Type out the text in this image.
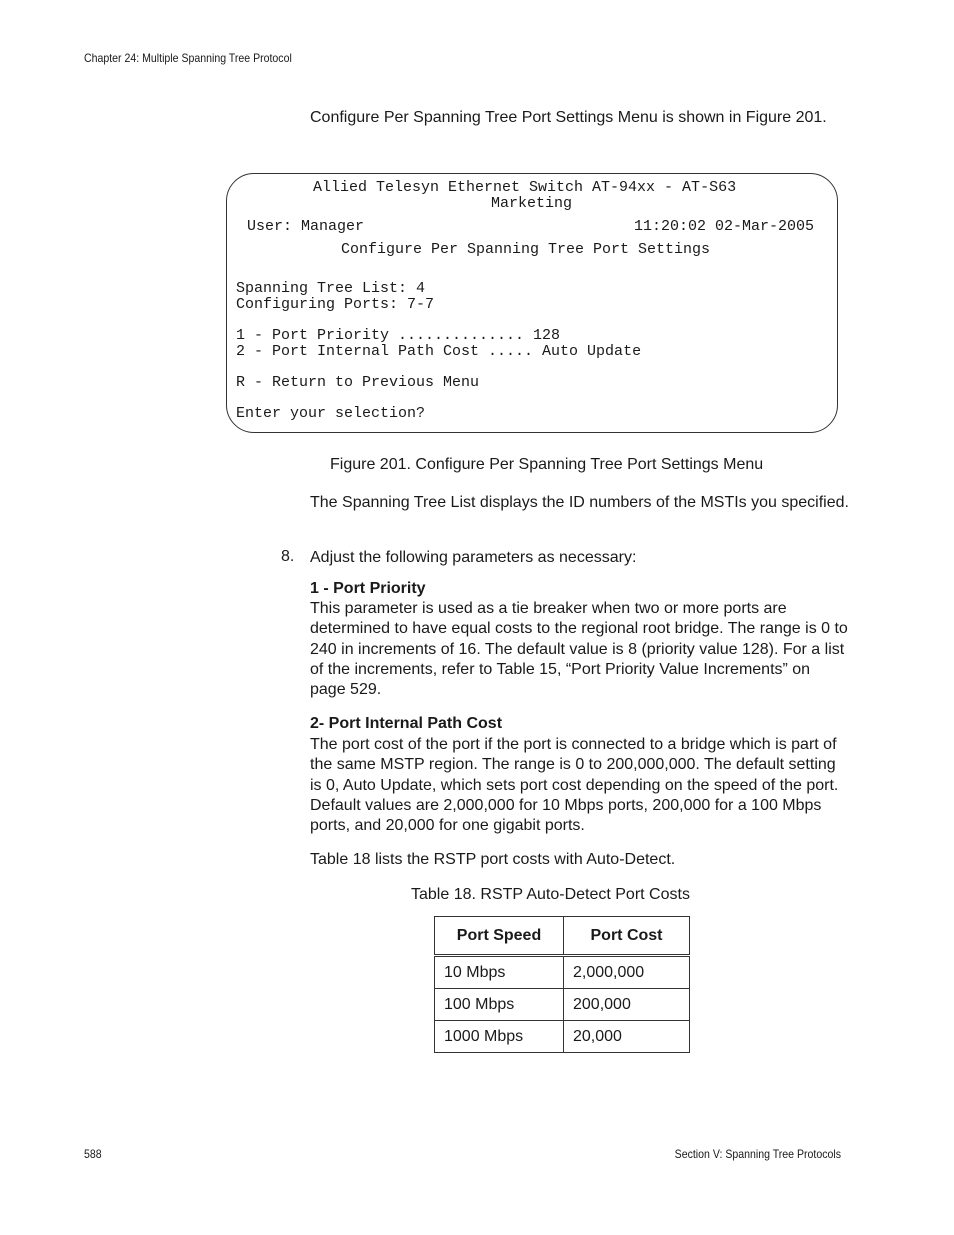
Chapter 24: Multiple Spanning Tree Protocol
Configure Per Spanning Tree Port Settings Menu is shown in Figure 201.
Allied Telesyn Ethernet Switch AT-94xx - AT-S63
Marketing
User: Manager	11:20:02 02-Mar-2005
Configure Per Spanning Tree Port Settings
Spanning Tree List: 4
Configuring Ports: 7-7
1 - Port Priority .............. 128
2 - Port Internal Path Cost ..... Auto Update
R - Return to Previous Menu
Enter your selection?
Figure 201. Configure Per Spanning Tree Port Settings Menu
The Spanning Tree List displays the ID numbers of the MSTIs you specified.
8. Adjust the following parameters as necessary:
1 - Port Priority
This parameter is used as a tie breaker when two or more ports are determined to have equal costs to the regional root bridge. The range is 0 to 240 in increments of 16. The default value is 8 (priority value 128). For a list of the increments, refer to Table 15, “Port Priority Value Increments” on page 529.
2- Port Internal Path Cost
The port cost of the port if the port is connected to a bridge which is part of the same MSTP region. The range is 0 to 200,000,000. The default setting is 0, Auto Update, which sets port cost depending on the speed of the port. Default values are 2,000,000 for 10 Mbps ports, 200,000 for a 100 Mbps ports, and 20,000 for one gigabit ports.
Table 18 lists the RSTP port costs with Auto-Detect.
Table 18. RSTP Auto-Detect Port Costs
Port Speed	Port Cost
10 Mbps	2,000,000
100 Mbps	200,000
1000 Mbps	20,000
588	Section V: Spanning Tree Protocols
